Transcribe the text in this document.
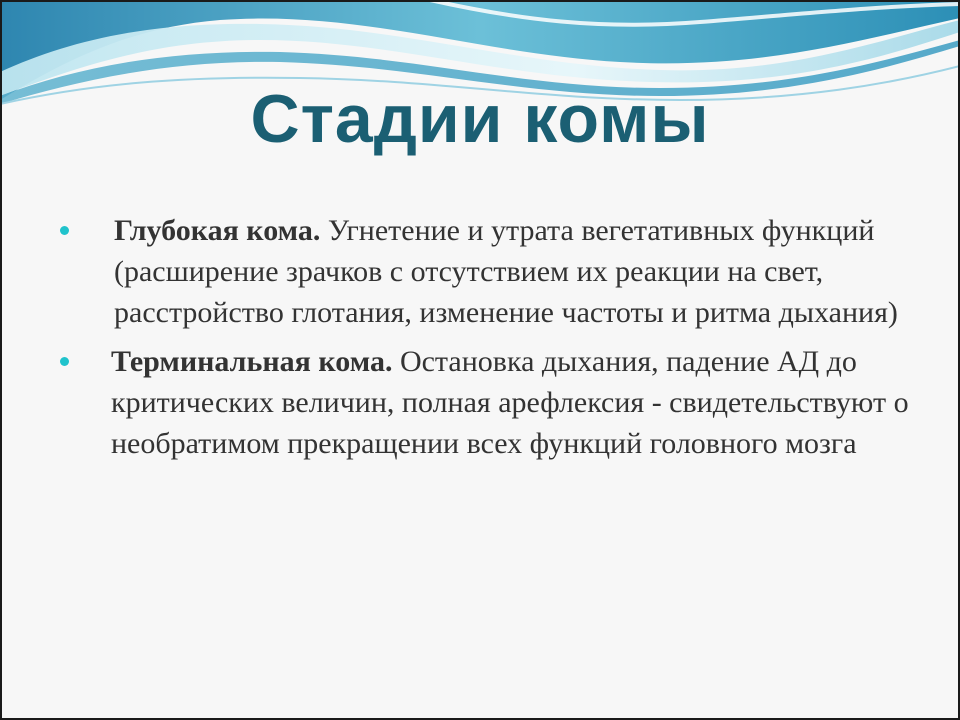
Стадии комы
Глубокая кома. Угнетение и утрата вегетативных функций (расширение зрачков с отсутствием их реакции на свет, расстройство глотания, изменение частоты и ритма дыхания)
Терминальная кома. Остановка дыхания, падение АД до критических величин, полная арефлексия - свидетельствуют о необратимом прекращении всех функций головного мозга
